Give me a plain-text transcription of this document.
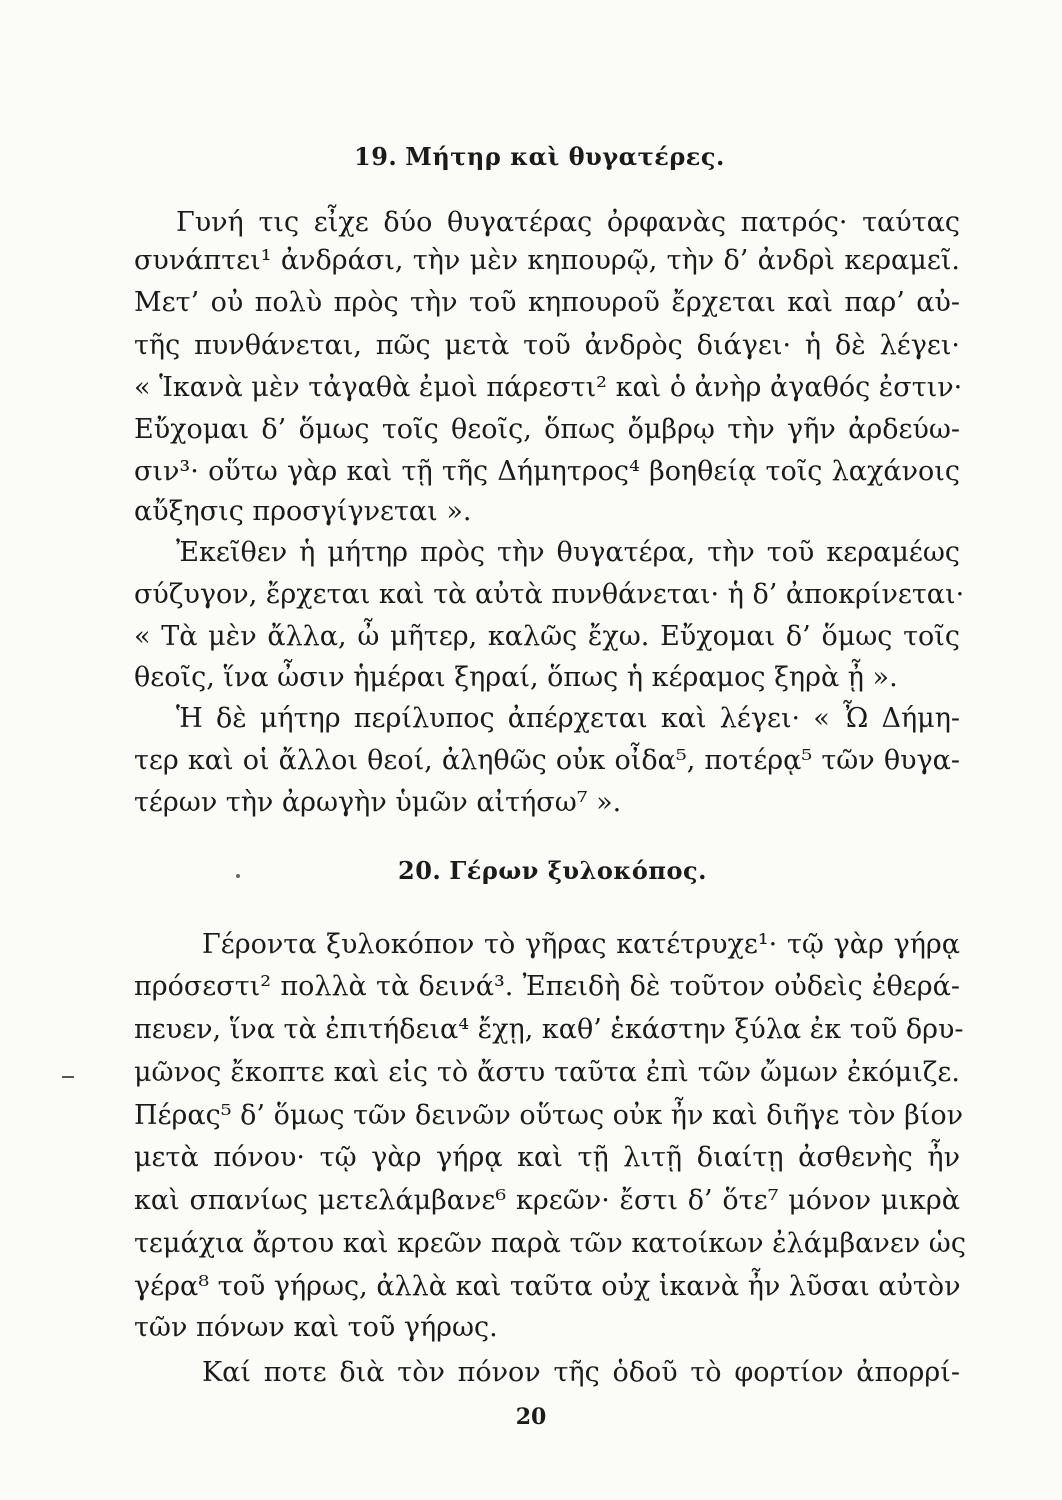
19. Μήτηρ καὶ θυγατέρες.
Γυνή τις εἶχε δύο θυγατέρας ὀρφανὰς πατρός· ταύτας
συνάπτει¹ ἀνδράσι, τὴν μὲν κηπουρῷ, τὴν δ’ ἀνδρὶ κεραμεῖ.
Μετ’ οὐ πολὺ πρὸς τὴν τοῦ κηπουροῦ ἔρχεται καὶ παρ’ αὐ-
τῆς πυνθάνεται, πῶς μετὰ τοῦ ἀνδρὸς διάγει· ἡ δὲ λέγει·
« Ἱκανὰ μὲν τἀγαθὰ ἐμοὶ πάρεστι² καὶ ὁ ἀνὴρ ἀγαθός ἐστιν·
Εὔχομαι δ’ ὅμως τοῖς θεοῖς, ὅπως ὄμβρῳ τὴν γῆν ἀρδεύω-
σιν³· οὕτω γὰρ καὶ τῇ τῆς Δήμητρος⁴ βοηθείᾳ τοῖς λαχάνοις
αὔξησις προσγίγνεται ».
Ἐκεῖθεν ἡ μήτηρ πρὸς τὴν θυγατέρα, τὴν τοῦ κεραμέως
σύζυγον, ἔρχεται καὶ τὰ αὐτὰ πυνθάνεται· ἡ δ’ ἀποκρίνεται·
« Τὰ μὲν ἄλλα, ὦ μῆτερ, καλῶς ἔχω. Εὔχομαι δ’ ὅμως τοῖς
θεοῖς, ἵνα ὦσιν ἡμέραι ξηραί, ὅπως ἡ κέραμος ξηρὰ ᾖ ».
Ἡ δὲ μήτηρ περίλυπος ἀπέρχεται καὶ λέγει· « Ὦ Δήμη-
τερ καὶ οἱ ἄλλοι θεοί, ἀληθῶς οὐκ οἶδα⁵, ποτέρᾳ⁵ τῶν θυγα-
τέρων τὴν ἀρωγὴν ὑμῶν αἰτήσω⁷ ».
20. Γέρων ξυλοκόπος.
Γέροντα ξυλοκόπον τὸ γῆρας κατέτρυχε¹· τῷ γὰρ γήρᾳ
πρόσεστι² πολλὰ τὰ δεινά³. Ἐπειδὴ δὲ τοῦτον οὐδεὶς ἐθερά-
πευεν, ἵνα τὰ ἐπιτήδεια⁴ ἔχῃ, καθ’ ἑκάστην ξύλα ἐκ τοῦ δρυ-
μῶνος ἔκοπτε καὶ εἰς τὸ ἄστυ ταῦτα ἐπὶ τῶν ὤμων ἐκόμιζε.
Πέρας⁵ δ’ ὅμως τῶν δεινῶν οὕτως οὐκ ἦν καὶ διῆγε τὸν βίον
μετὰ πόνου· τῷ γὰρ γήρᾳ καὶ τῇ λιτῇ διαίτῃ ἀσθενὴς ἦν
καὶ σπανίως μετελάμβανε⁶ κρεῶν· ἔστι δ’ ὅτε⁷ μόνον μικρὰ
τεμάχια ἄρτου καὶ κρεῶν παρὰ τῶν κατοίκων ἐλάμβανεν ὡς
γέρα⁸ τοῦ γήρως, ἀλλὰ καὶ ταῦτα οὐχ ἱκανὰ ἦν λῦσαι αὐτὸν
τῶν πόνων καὶ τοῦ γήρως.
Καί ποτε διὰ τὸν πόνον τῆς ὁδοῦ τὸ φορτίον ἀπορρί-
20
